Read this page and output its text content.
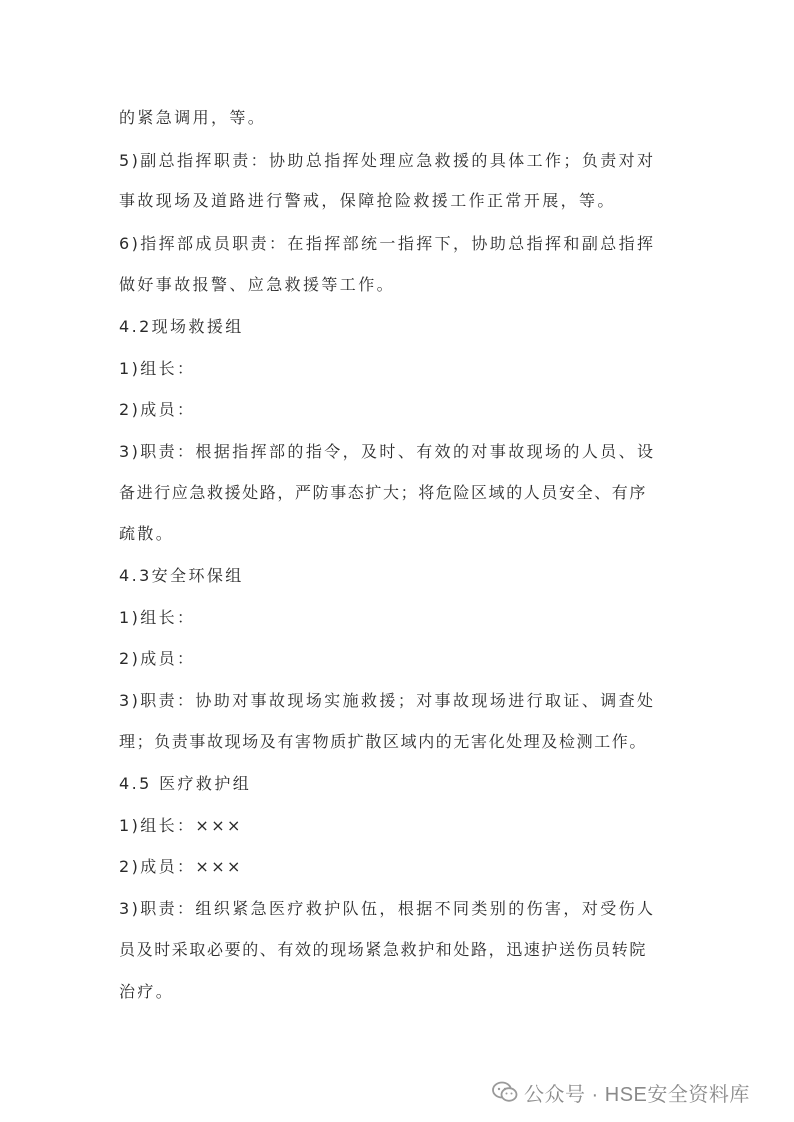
的紧急调用，等。
5)副总指挥职责：协助总指挥处理应急救援的具体工作；负责对对
事故现场及道路进行警戒，保障抢险救援工作正常开展，等。
6)指挥部成员职责：在指挥部统一指挥下，协助总指挥和副总指挥
做好事故报警、应急救援等工作。
4.2现场救援组
1)组长：
2)成员：
3)职责：根据指挥部的指令，及时、有效的对事故现场的人员、设
备进行应急救援处路，严防事态扩大；将危险区域的人员安全、有序
疏散。
4.3安全环保组
1)组长：
2)成员：
3)职责：协助对事故现场实施救援；对事故现场进行取证、调查处
理；负责事故现场及有害物质扩散区域内的无害化处理及检测工作。
4.5 医疗救护组
1)组长：×××
2)成员：×××
3)职责：组织紧急医疗救护队伍，根据不同类别的伤害，对受伤人
员及时采取必要的、有效的现场紧急救护和处路，迅速护送伤员转院
治疗。
公众号 · HSE安全资料库
